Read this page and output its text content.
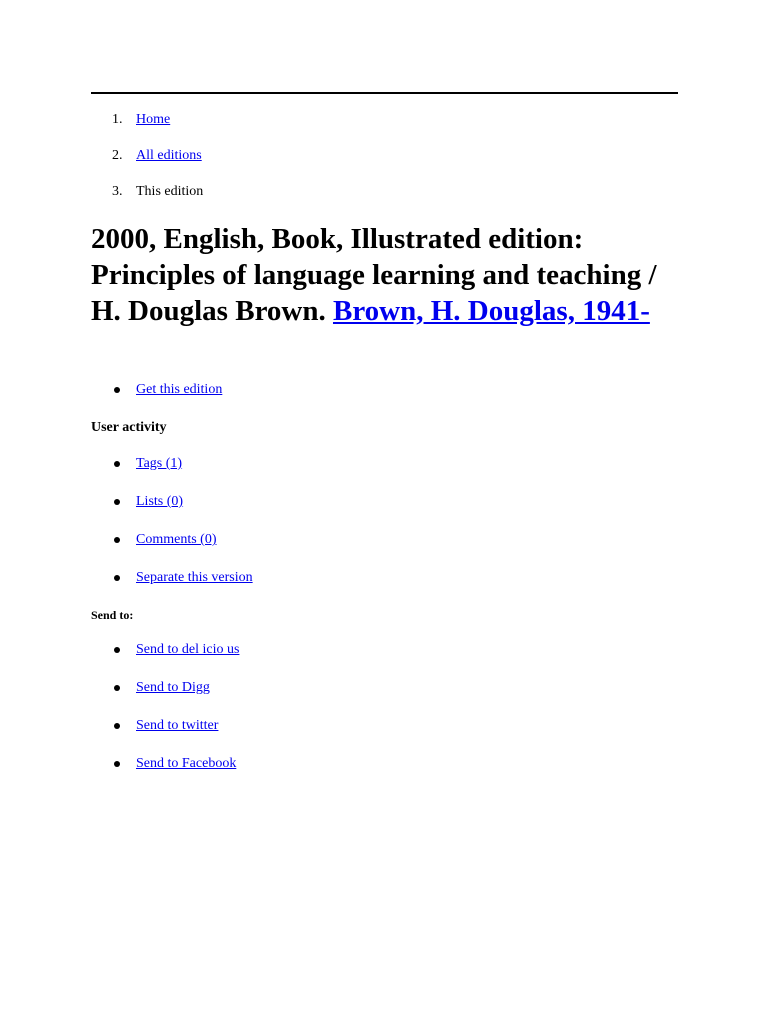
1. Home
2. All editions
3. This edition
2000, English, Book, Illustrated edition: Principles of language learning and teaching / H. Douglas Brown. Brown, H. Douglas, 1941-
Get this edition
User activity
Tags (1)
Lists (0)
Comments (0)
Separate this version
Send to:
Send to del icio us
Send to Digg
Send to twitter
Send to Facebook
